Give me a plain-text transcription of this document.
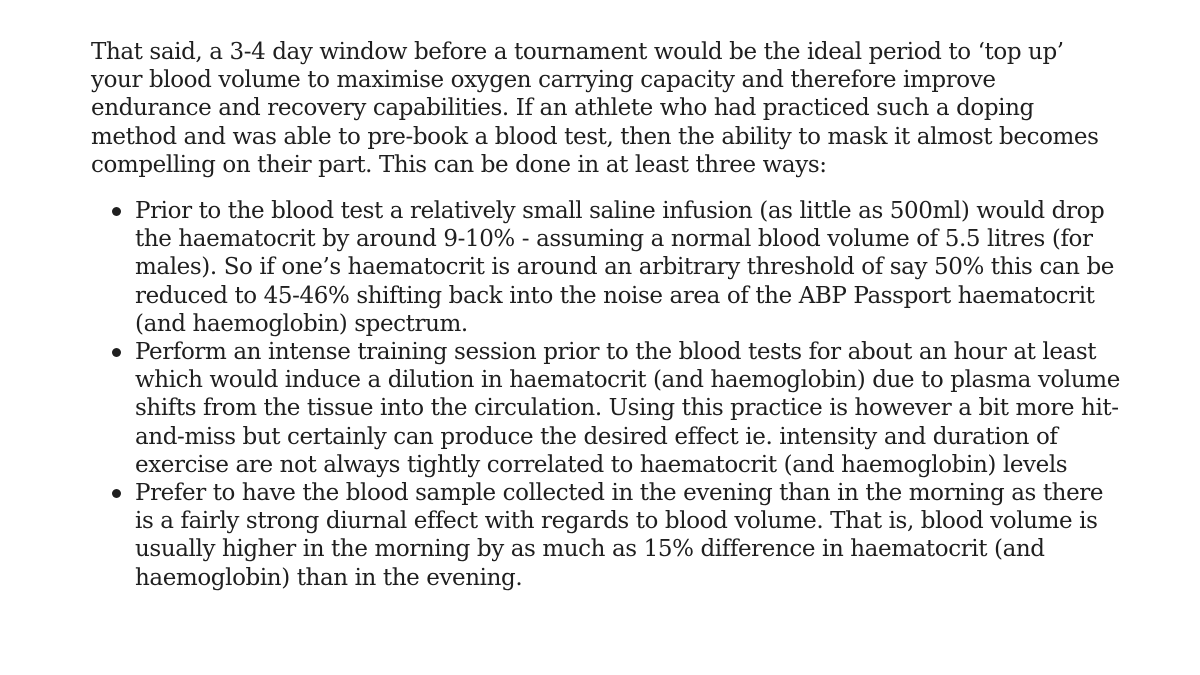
That said, a 3-4 day window before a tournament would be the ideal period to ‘top up’ your blood volume to maximise oxygen carrying capacity and therefore improve endurance and recovery capabilities. If an athlete who had practiced such a doping method and was able to pre-book a blood test, then the ability to mask it almost becomes compelling on their part. This can be done in at least three ways:

Prior to the blood test a relatively small saline infusion (as little as 500ml) would drop the haematocrit by around 9-10% - assuming a normal blood volume of 5.5 litres (for males). So if one’s haematocrit is around an arbitrary threshold of say 50% this can be reduced to 45-46% shifting back into the noise area of the ABP Passport haematocrit (and haemoglobin) spectrum.
Perform an intense training session prior to the blood tests for about an hour at least which would induce a dilution in haematocrit (and haemoglobin) due to plasma volume shifts from the tissue into the circulation. Using this practice is however a bit more hit-and-miss but certainly can produce the desired effect ie. intensity and duration of exercise are not always tightly correlated to haematocrit (and haemoglobin) levels
Prefer to have the blood sample collected in the evening than in the morning as there is a fairly strong diurnal effect with regards to blood volume. That is, blood volume is usually higher in the morning by as much as 15% difference in haematocrit (and haemoglobin) than in the evening.
